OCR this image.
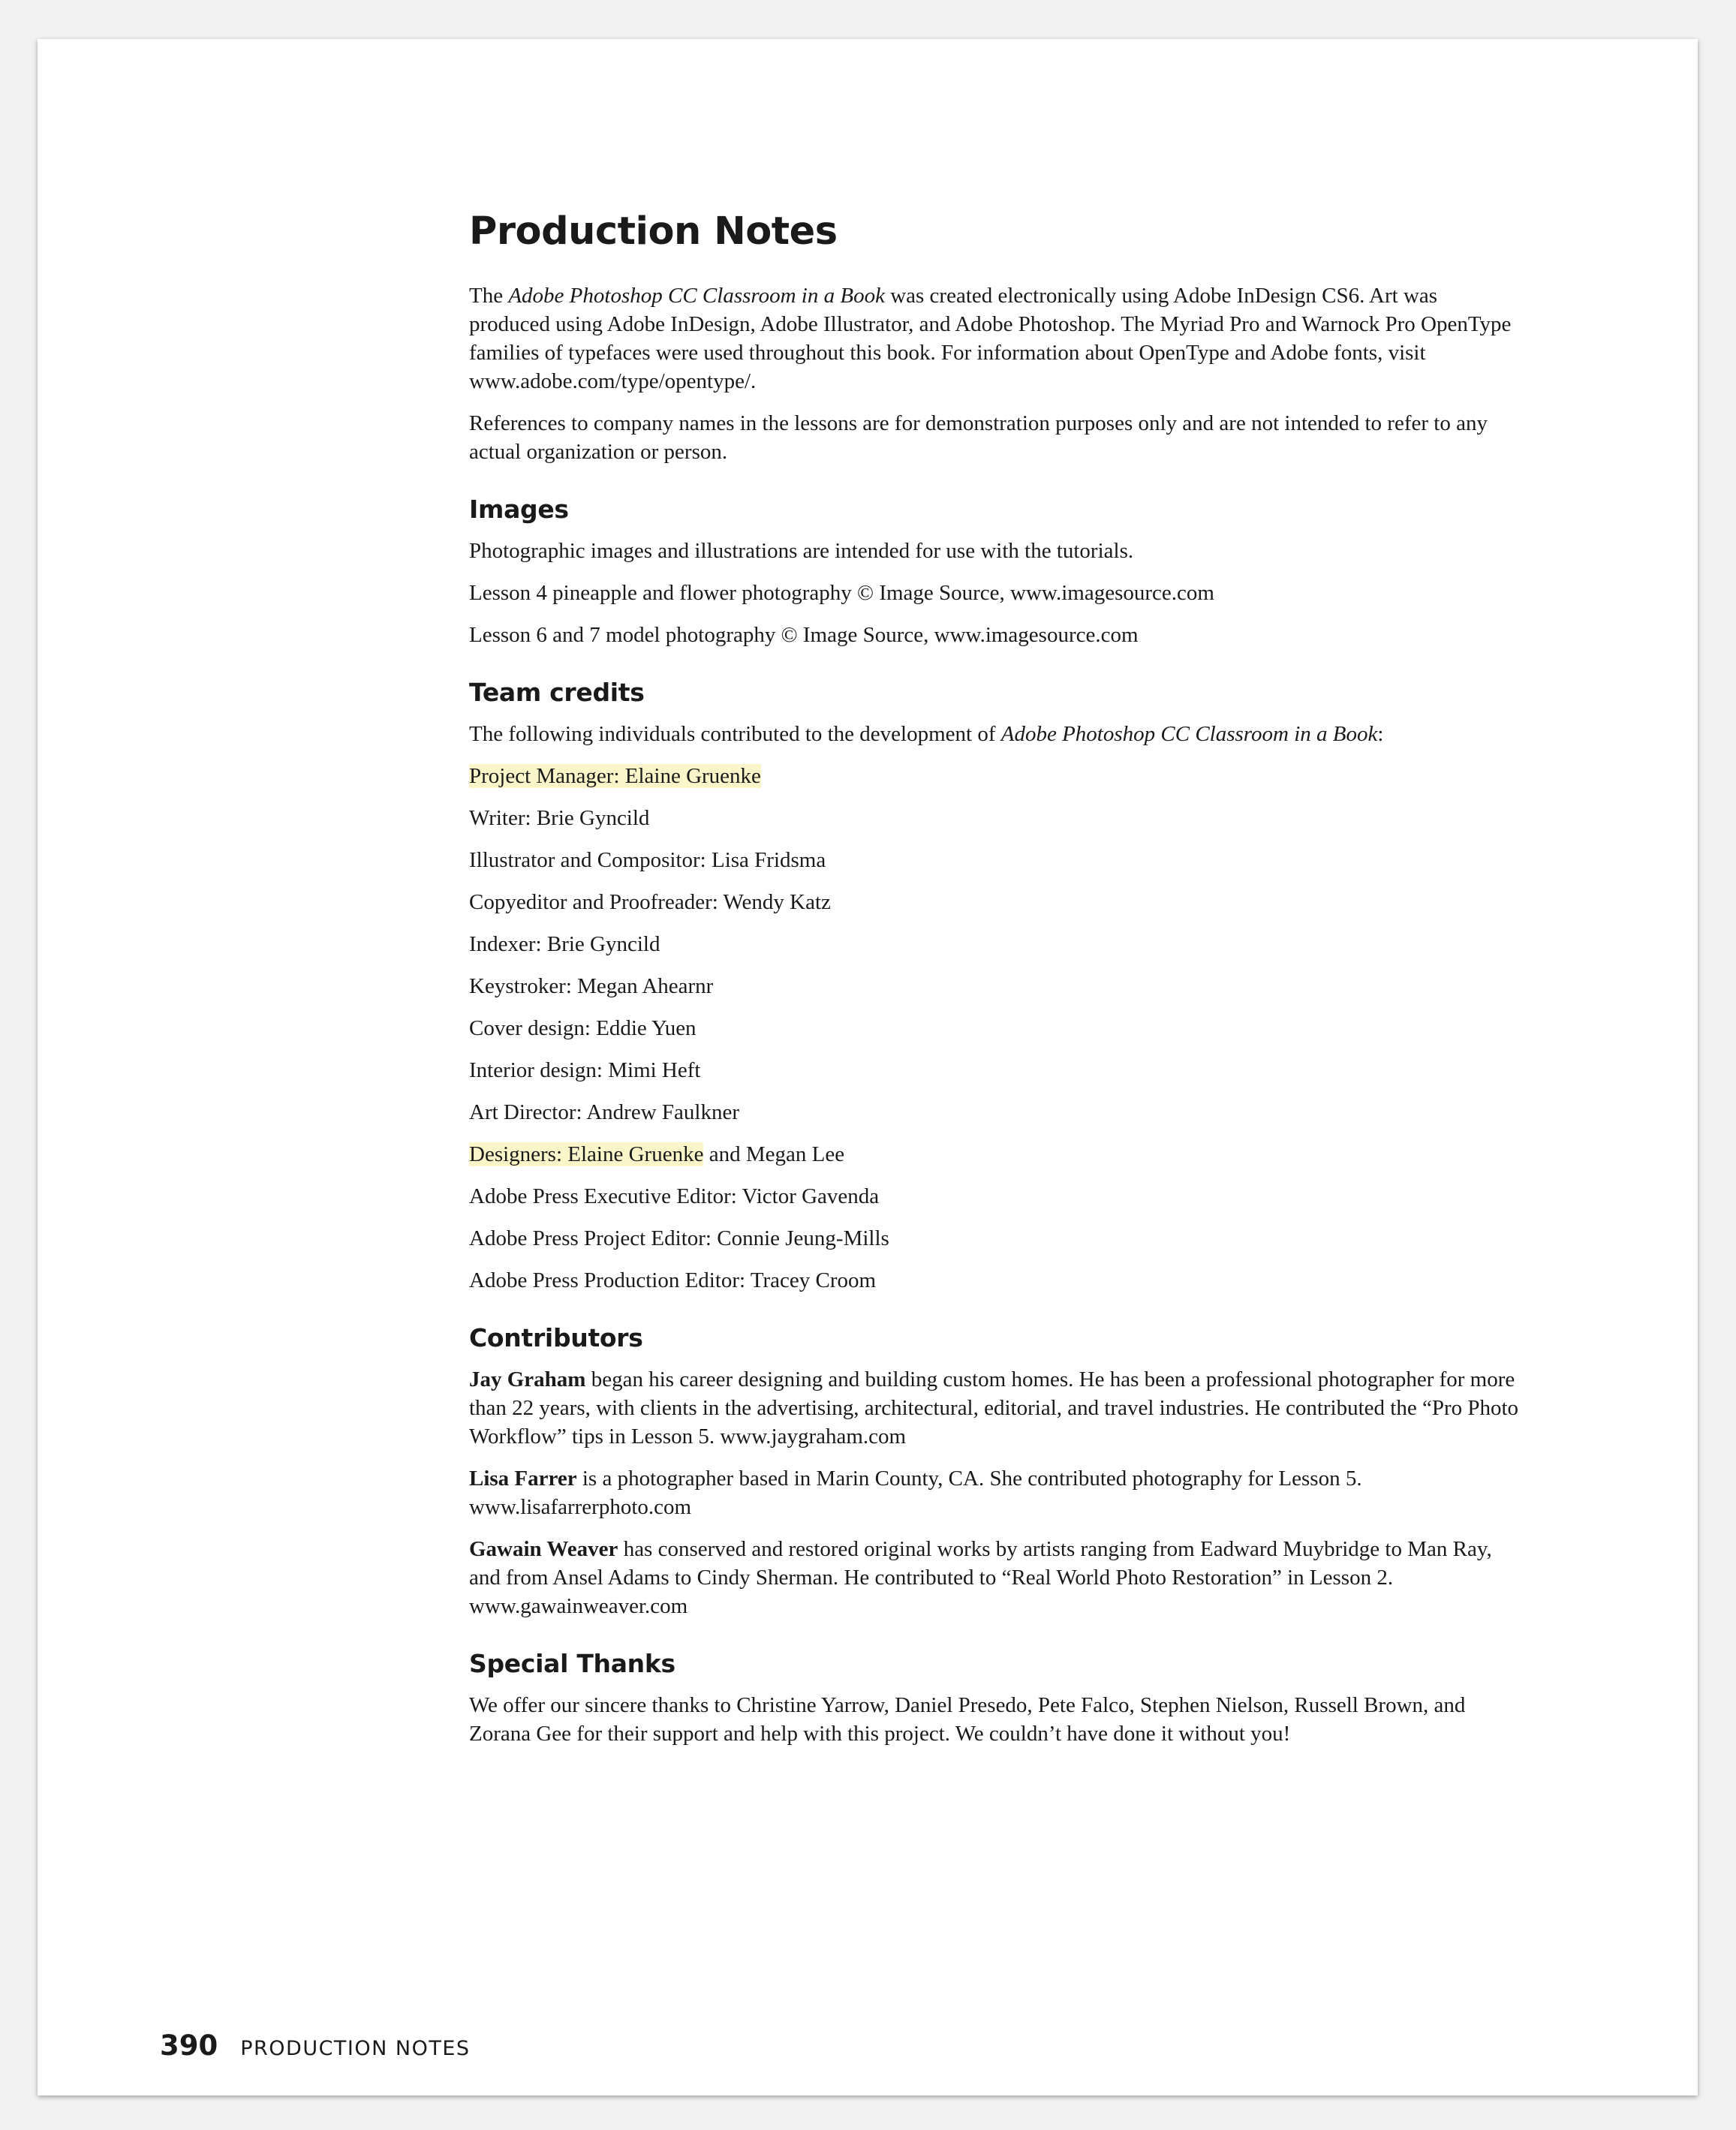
Production Notes

The Adobe Photoshop CC Classroom in a Book was created electronically using Adobe InDesign CS6. Art was produced using Adobe InDesign, Adobe Illustrator, and Adobe Photoshop. The Myriad Pro and Warnock Pro OpenType families of typefaces were used throughout this book. For information about OpenType and Adobe fonts, visit www.adobe.com/type/opentype/.

References to company names in the lessons are for demonstration purposes only and are not intended to refer to any actual organization or person.

Images

Photographic images and illustrations are intended for use with the tutorials.

Lesson 4 pineapple and flower photography © Image Source, www.imagesource.com

Lesson 6 and 7 model photography © Image Source, www.imagesource.com

Team credits

The following individuals contributed to the development of Adobe Photoshop CC Classroom in a Book:

Project Manager: Elaine Gruenke
Writer: Brie Gyncild
Illustrator and Compositor: Lisa Fridsma
Copyeditor and Proofreader: Wendy Katz
Indexer: Brie Gyncild
Keystroker: Megan Ahearnr
Cover design: Eddie Yuen
Interior design: Mimi Heft
Art Director: Andrew Faulkner
Designers: Elaine Gruenke and Megan Lee
Adobe Press Executive Editor: Victor Gavenda
Adobe Press Project Editor: Connie Jeung-Mills
Adobe Press Production Editor: Tracey Croom
Contributors

Jay Graham began his career designing and building custom homes. He has been a professional photographer for more than 22 years, with clients in the advertising, architectural, editorial, and travel industries. He contributed the “Pro Photo Workflow” tips in Lesson 5. www.jaygraham.com

Lisa Farrer is a photographer based in Marin County, CA. She contributed photography for Lesson 5. www.lisafarrerphoto.com

Gawain Weaver has conserved and restored original works by artists ranging from Eadward Muybridge to Man Ray, and from Ansel Adams to Cindy Sherman. He contributed to “Real World Photo Restoration” in Lesson 2. www.gawainweaver.com

Special Thanks

We offer our sincere thanks to Christine Yarrow, Daniel Presedo, Pete Falco, Stephen Nielson, Russell Brown, and Zorana Gee for their support and help with this project. We couldn’t have done it without you!

390 PRODUCTION NOTES
